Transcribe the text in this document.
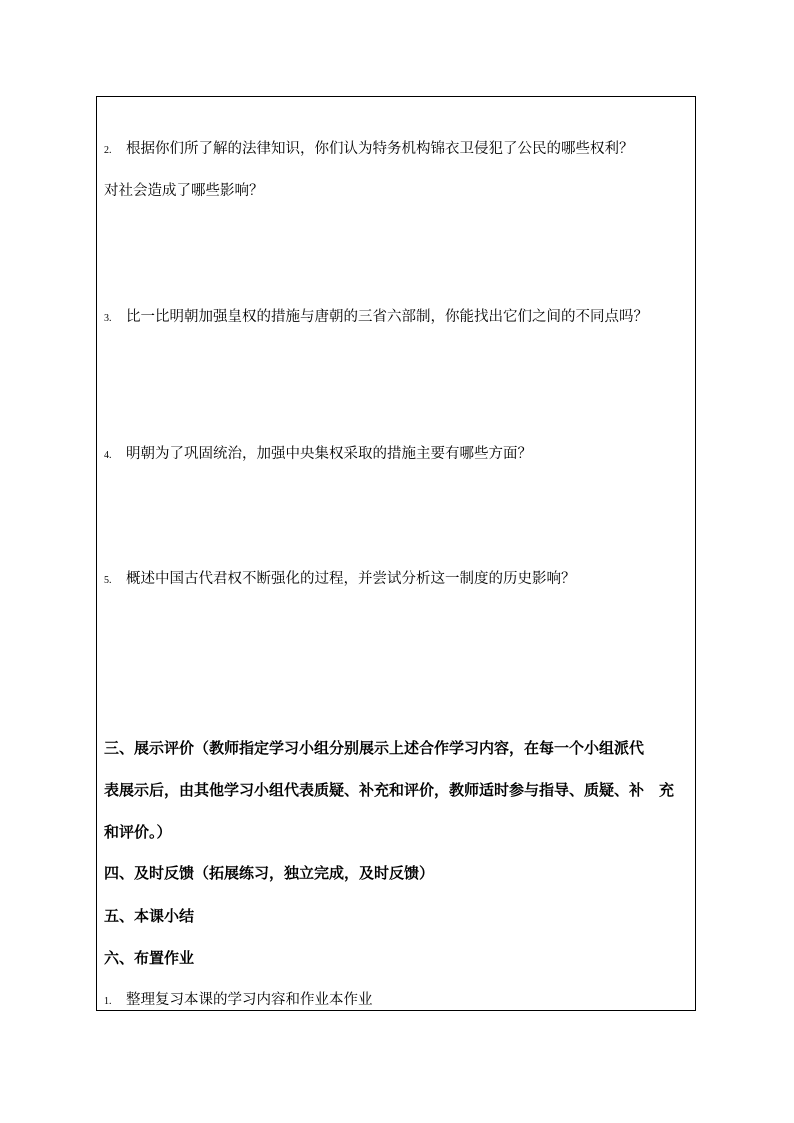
2. 根据你们所了解的法律知识，你们认为特务机构锦衣卫侵犯了公民的哪些权利？
对社会造成了哪些影响？
3. 比一比明朝加强皇权的措施与唐朝的三省六部制，你能找出它们之间的不同点吗？
4. 明朝为了巩固统治，加强中央集权采取的措施主要有哪些方面？
5. 概述中国古代君权不断强化的过程，并尝试分析这一制度的历史影响？
三、展示评价（教师指定学习小组分别展示上述合作学习内容，在每一个小组派代
表展示后，由其他学习小组代表质疑、补充和评价，教师适时参与指导、质疑、补　充
和评价。）
四、及时反馈（拓展练习，独立完成，及时反馈）
五、本课小结
六、布置作业
1. 整理复习本课的学习内容和作业本作业
